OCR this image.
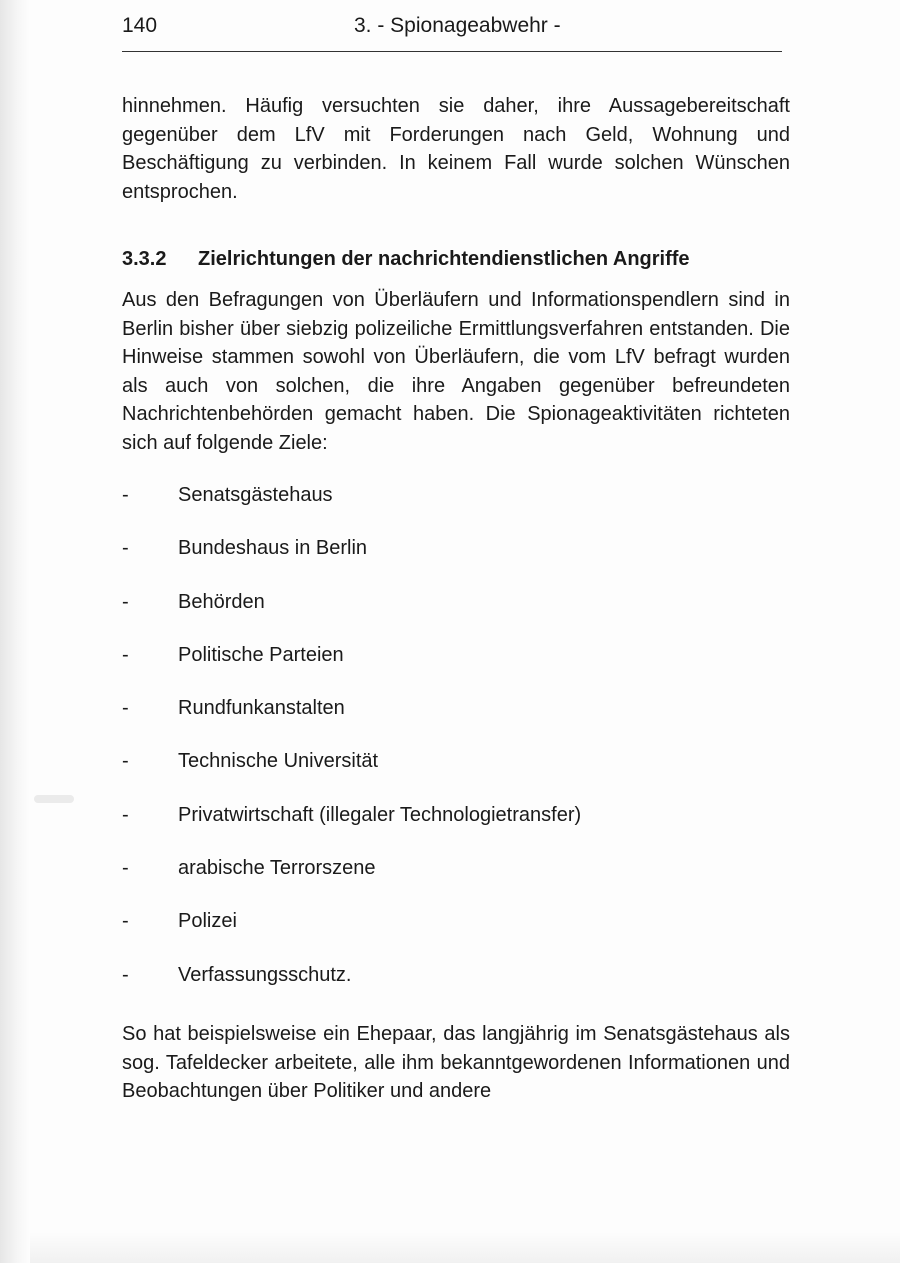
140	3. - Spionageabwehr -

hinnehmen. Häufig versuchten sie daher, ihre Aussagebereitschaft gegenüber dem LfV mit Forderungen nach Geld, Wohnung und Beschäftigung zu verbinden. In keinem Fall wurde solchen Wünschen entsprochen.

3.3.2 Zielrichtungen der nachrichtendienstlichen Angriffe

Aus den Befragungen von Überläufern und Informationspendlern sind in Berlin bisher über siebzig polizeiliche Ermittlungsverfahren entstanden. Die Hinweise stammen sowohl von Überläufern, die vom LfV befragt wurden als auch von solchen, die ihre Angaben gegenüber befreundeten Nachrichtenbehörden gemacht haben. Die Spionageaktivitäten richteten sich auf folgende Ziele:

- Senatsgästehaus
- Bundeshaus in Berlin
- Behörden
- Politische Parteien
- Rundfunkanstalten
- Technische Universität
- Privatwirtschaft (illegaler Technologietransfer)
- arabische Terrorszene
- Polizei
- Verfassungsschutz.

So hat beispielsweise ein Ehepaar, das langjährig im Senatsgästehaus als sog. Tafeldecker arbeitete, alle ihm bekanntgewordenen Informationen und Beobachtungen über Politiker und andere
